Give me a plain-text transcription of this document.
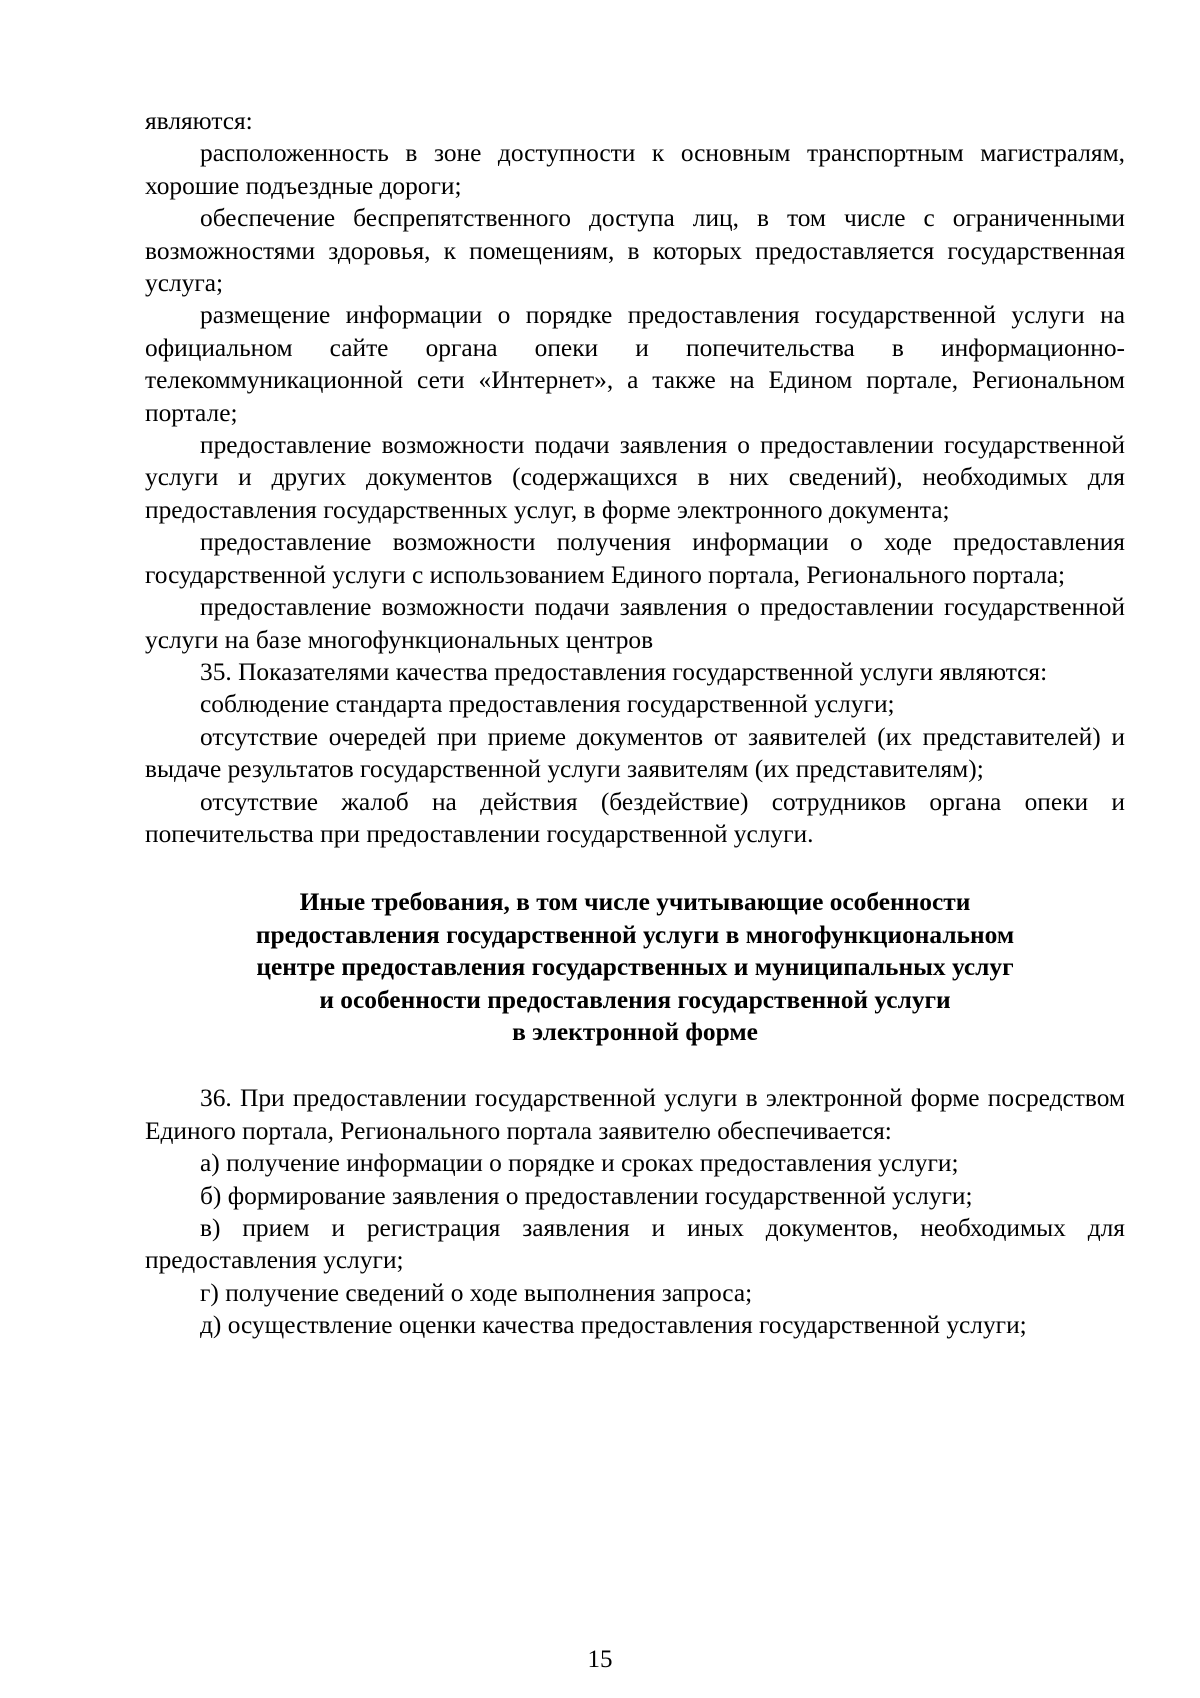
являются:

расположенность в зоне доступности к основным транспортным магистралям, хорошие подъездные дороги;

обеспечение беспрепятственного доступа лиц, в том числе с ограниченными возможностями здоровья, к помещениям, в которых предоставляется государственная услуга;

размещение информации о порядке предоставления государственной услуги на официальном сайте органа опеки и попечительства в информационно-телекоммуникационной сети «Интернет», а также на Едином портале, Региональном портале;

предоставление возможности подачи заявления о предоставлении государственной услуги и других документов (содержащихся в них сведений), необходимых для предоставления государственных услуг, в форме электронного документа;

предоставление возможности получения информации о ходе предоставления государственной услуги с использованием Единого портала, Регионального портала;

предоставление возможности подачи заявления о предоставлении государственной услуги на базе многофункциональных центров

35. Показателями качества предоставления государственной услуги являются:

соблюдение стандарта предоставления государственной услуги;

отсутствие очередей при приеме документов от заявителей (их представителей) и выдаче результатов государственной услуги заявителям (их представителям);

отсутствие жалоб на действия (бездействие) сотрудников органа опеки и попечительства при предоставлении государственной услуги.

Иные требования, в том числе учитывающие особенности
предоставления государственной услуги в многофункциональном
центре предоставления государственных и муниципальных услуг
и особенности предоставления государственной услуги
в электронной форме

36. При предоставлении государственной услуги в электронной форме посредством Единого портала, Регионального портала заявителю обеспечивается:

а) получение информации о порядке и сроках предоставления услуги;

б) формирование заявления о предоставлении государственной услуги;

в) прием и регистрация заявления и иных документов, необходимых для предоставления услуги;

г) получение сведений о ходе выполнения запроса;

д) осуществление оценки качества предоставления государственной услуги;

15
